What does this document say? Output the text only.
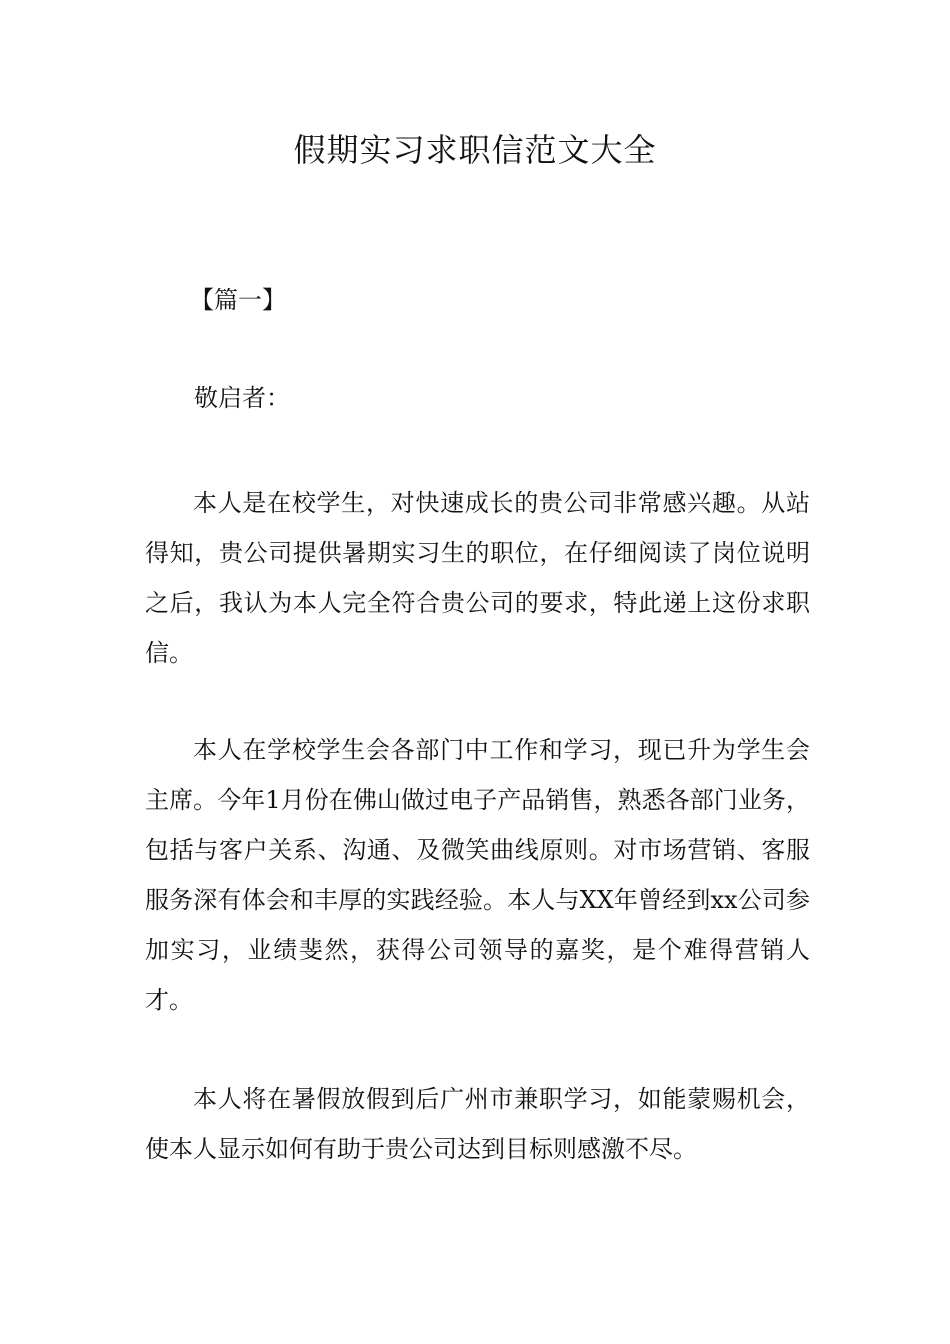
假期实习求职信范文大全
【篇一】
敬启者：

本人是在校学生，对快速成长的贵公司非常感兴趣。从站得知，贵公司提供暑期实习生的职位，在仔细阅读了岗位说明之后，我认为本人完全符合贵公司的要求，特此递上这份求职信。

本人在学校学生会各部门中工作和学习，现已升为学生会主席。今年1月份在佛山做过电子产品销售，熟悉各部门业务，包括与客户关系、沟通、及微笑曲线原则。对市场营销、客服服务深有体会和丰厚的实践经验。本人与XX年曾经到xx公司参加实习，业绩斐然，获得公司领导的嘉奖，是个难得营销人才。

本人将在暑假放假到后广州市兼职学习，如能蒙赐机会，使本人显示如何有助于贵公司达到目标则感激不尽。
